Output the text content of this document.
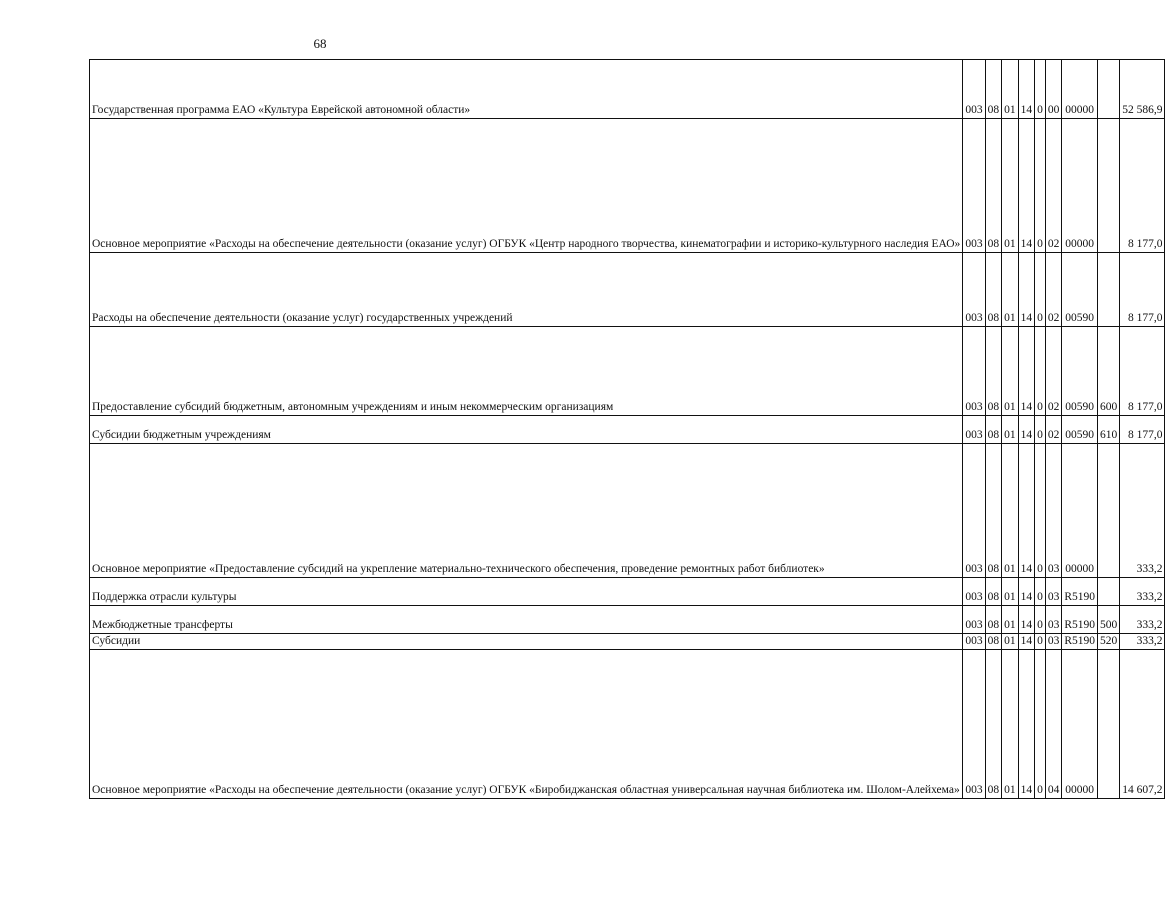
68
Государственная программа ЕАО «Культура Еврейской автономной области»	003	08	01	14	0	00	00000		52 586,9
Основное мероприятие «Расходы на обеспечение деятельности (оказание услуг) ОГБУК «Центр народного творчества, кинематографии и историко-культурного наследия ЕАО»	003	08	01	14	0	02	00000		8 177,0
Расходы на обеспечение деятельности (оказание услуг) государственных учреждений	003	08	01	14	0	02	00590		8 177,0
Предоставление субсидий бюджетным, автономным учреждениям и иным некоммерческим организациям	003	08	01	14	0	02	00590	600	8 177,0
Субсидии бюджетным учреждениям	003	08	01	14	0	02	00590	610	8 177,0
Основное мероприятие «Предоставление субсидий на укрепление материально-технического обеспечения, проведение ремонтных работ библиотек»	003	08	01	14	0	03	00000		333,2
Поддержка отрасли культуры	003	08	01	14	0	03	R5190		333,2
Межбюджетные трансферты	003	08	01	14	0	03	R5190	500	333,2
Субсидии	003	08	01	14	0	03	R5190	520	333,2
Основное мероприятие «Расходы на обеспечение деятельности (оказание услуг) ОГБУК «Биробиджанская областная универсальная научная библиотека им. Шолом-Алейхема»	003	08	01	14	0	04	00000		14 607,2
